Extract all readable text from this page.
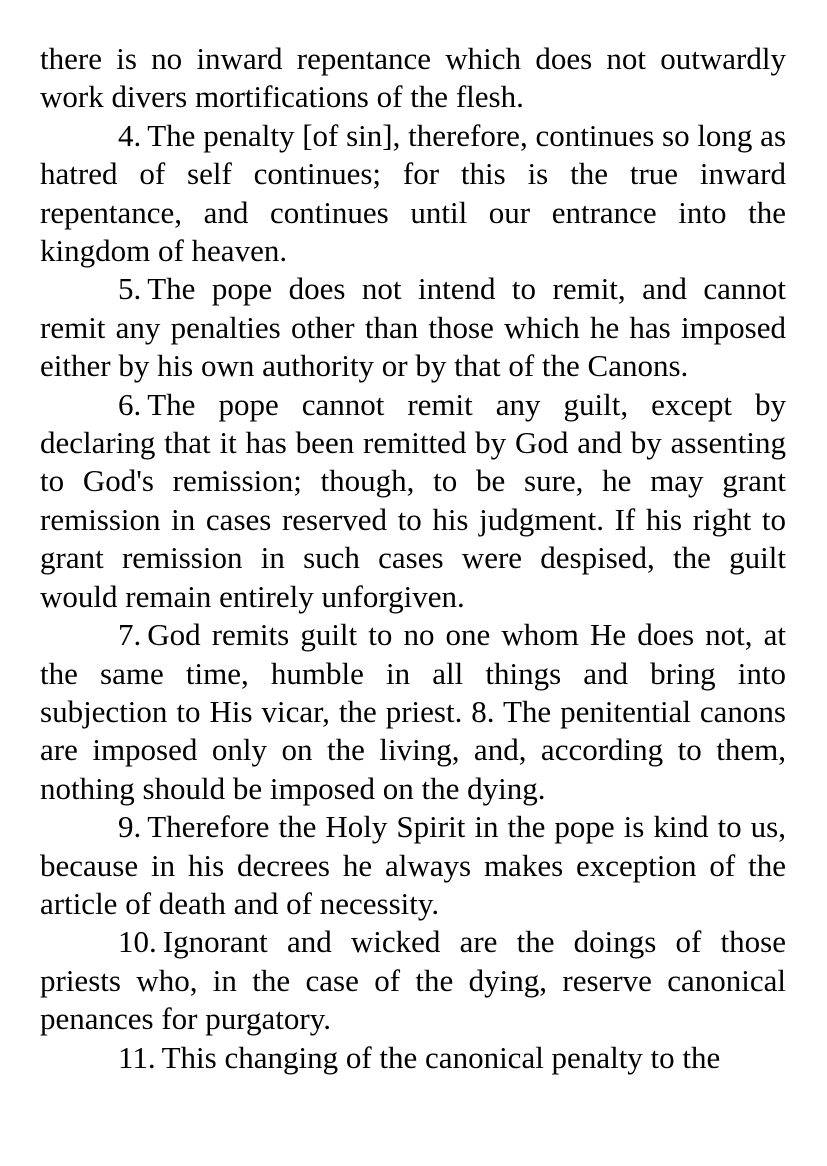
there is no inward repentance which does not outwardly work divers mortifications of the flesh.

4. The penalty [of sin], therefore, continues so long as hatred of self continues; for this is the true inward repentance, and continues until our entrance into the kingdom of heaven.

5. The pope does not intend to remit, and cannot remit any penalties other than those which he has imposed either by his own authority or by that of the Canons.

6. The pope cannot remit any guilt, except by declaring that it has been remitted by God and by assenting to God's remission; though, to be sure, he may grant remission in cases reserved to his judgment. If his right to grant remission in such cases were despised, the guilt would remain entirely unforgiven.

7. God remits guilt to no one whom He does not, at the same time, humble in all things and bring into subjection to His vicar, the priest. 8. The penitential canons are imposed only on the living, and, according to them, nothing should be imposed on the dying.

9. Therefore the Holy Spirit in the pope is kind to us, because in his decrees he always makes exception of the article of death and of necessity.

10. Ignorant and wicked are the doings of those priests who, in the case of the dying, reserve canonical penances for purgatory.

11. This changing of the canonical penalty to the
